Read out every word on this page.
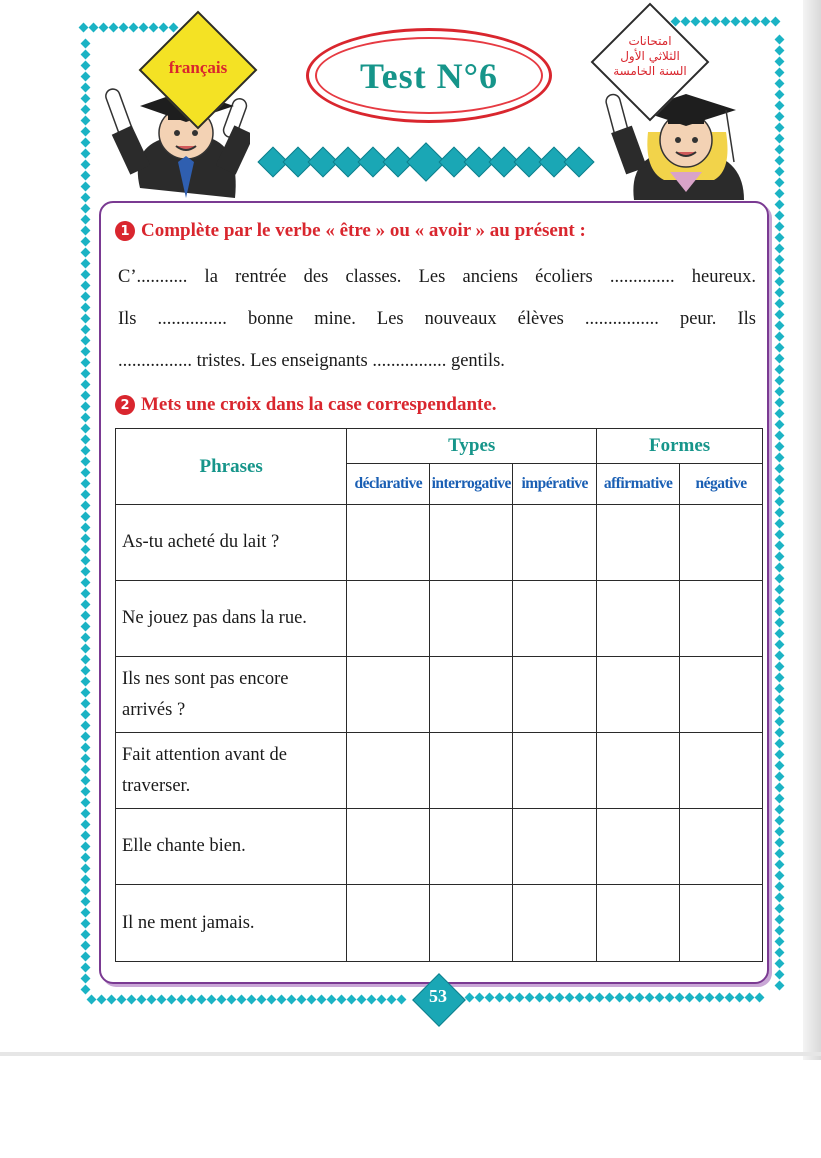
français
امتحانات
الثلاثي الأول
السنة الخامسة
Test N°6
1 Complète par le verbe « être » ou « avoir » au présent :
C’........... la rentrée des classes. Les anciens écoliers .............. heureux.
Ils ............... bonne mine. Les nouveaux élèves ................ peur. Ils
................ tristes. Les enseignants ................ gentils.
2 Mets une croix dans la case correspendante.
Phrases	Types			Formes	
	déclarative	interrogative	impérative	affirmative	négative
As-tu acheté du lait ?					
Ne jouez pas dans la rue.					
Ils nes sont pas encore arrivés ?					
Fait attention avant de traverser.					
Elle chante bien.					
Il ne ment jamais.					
53
